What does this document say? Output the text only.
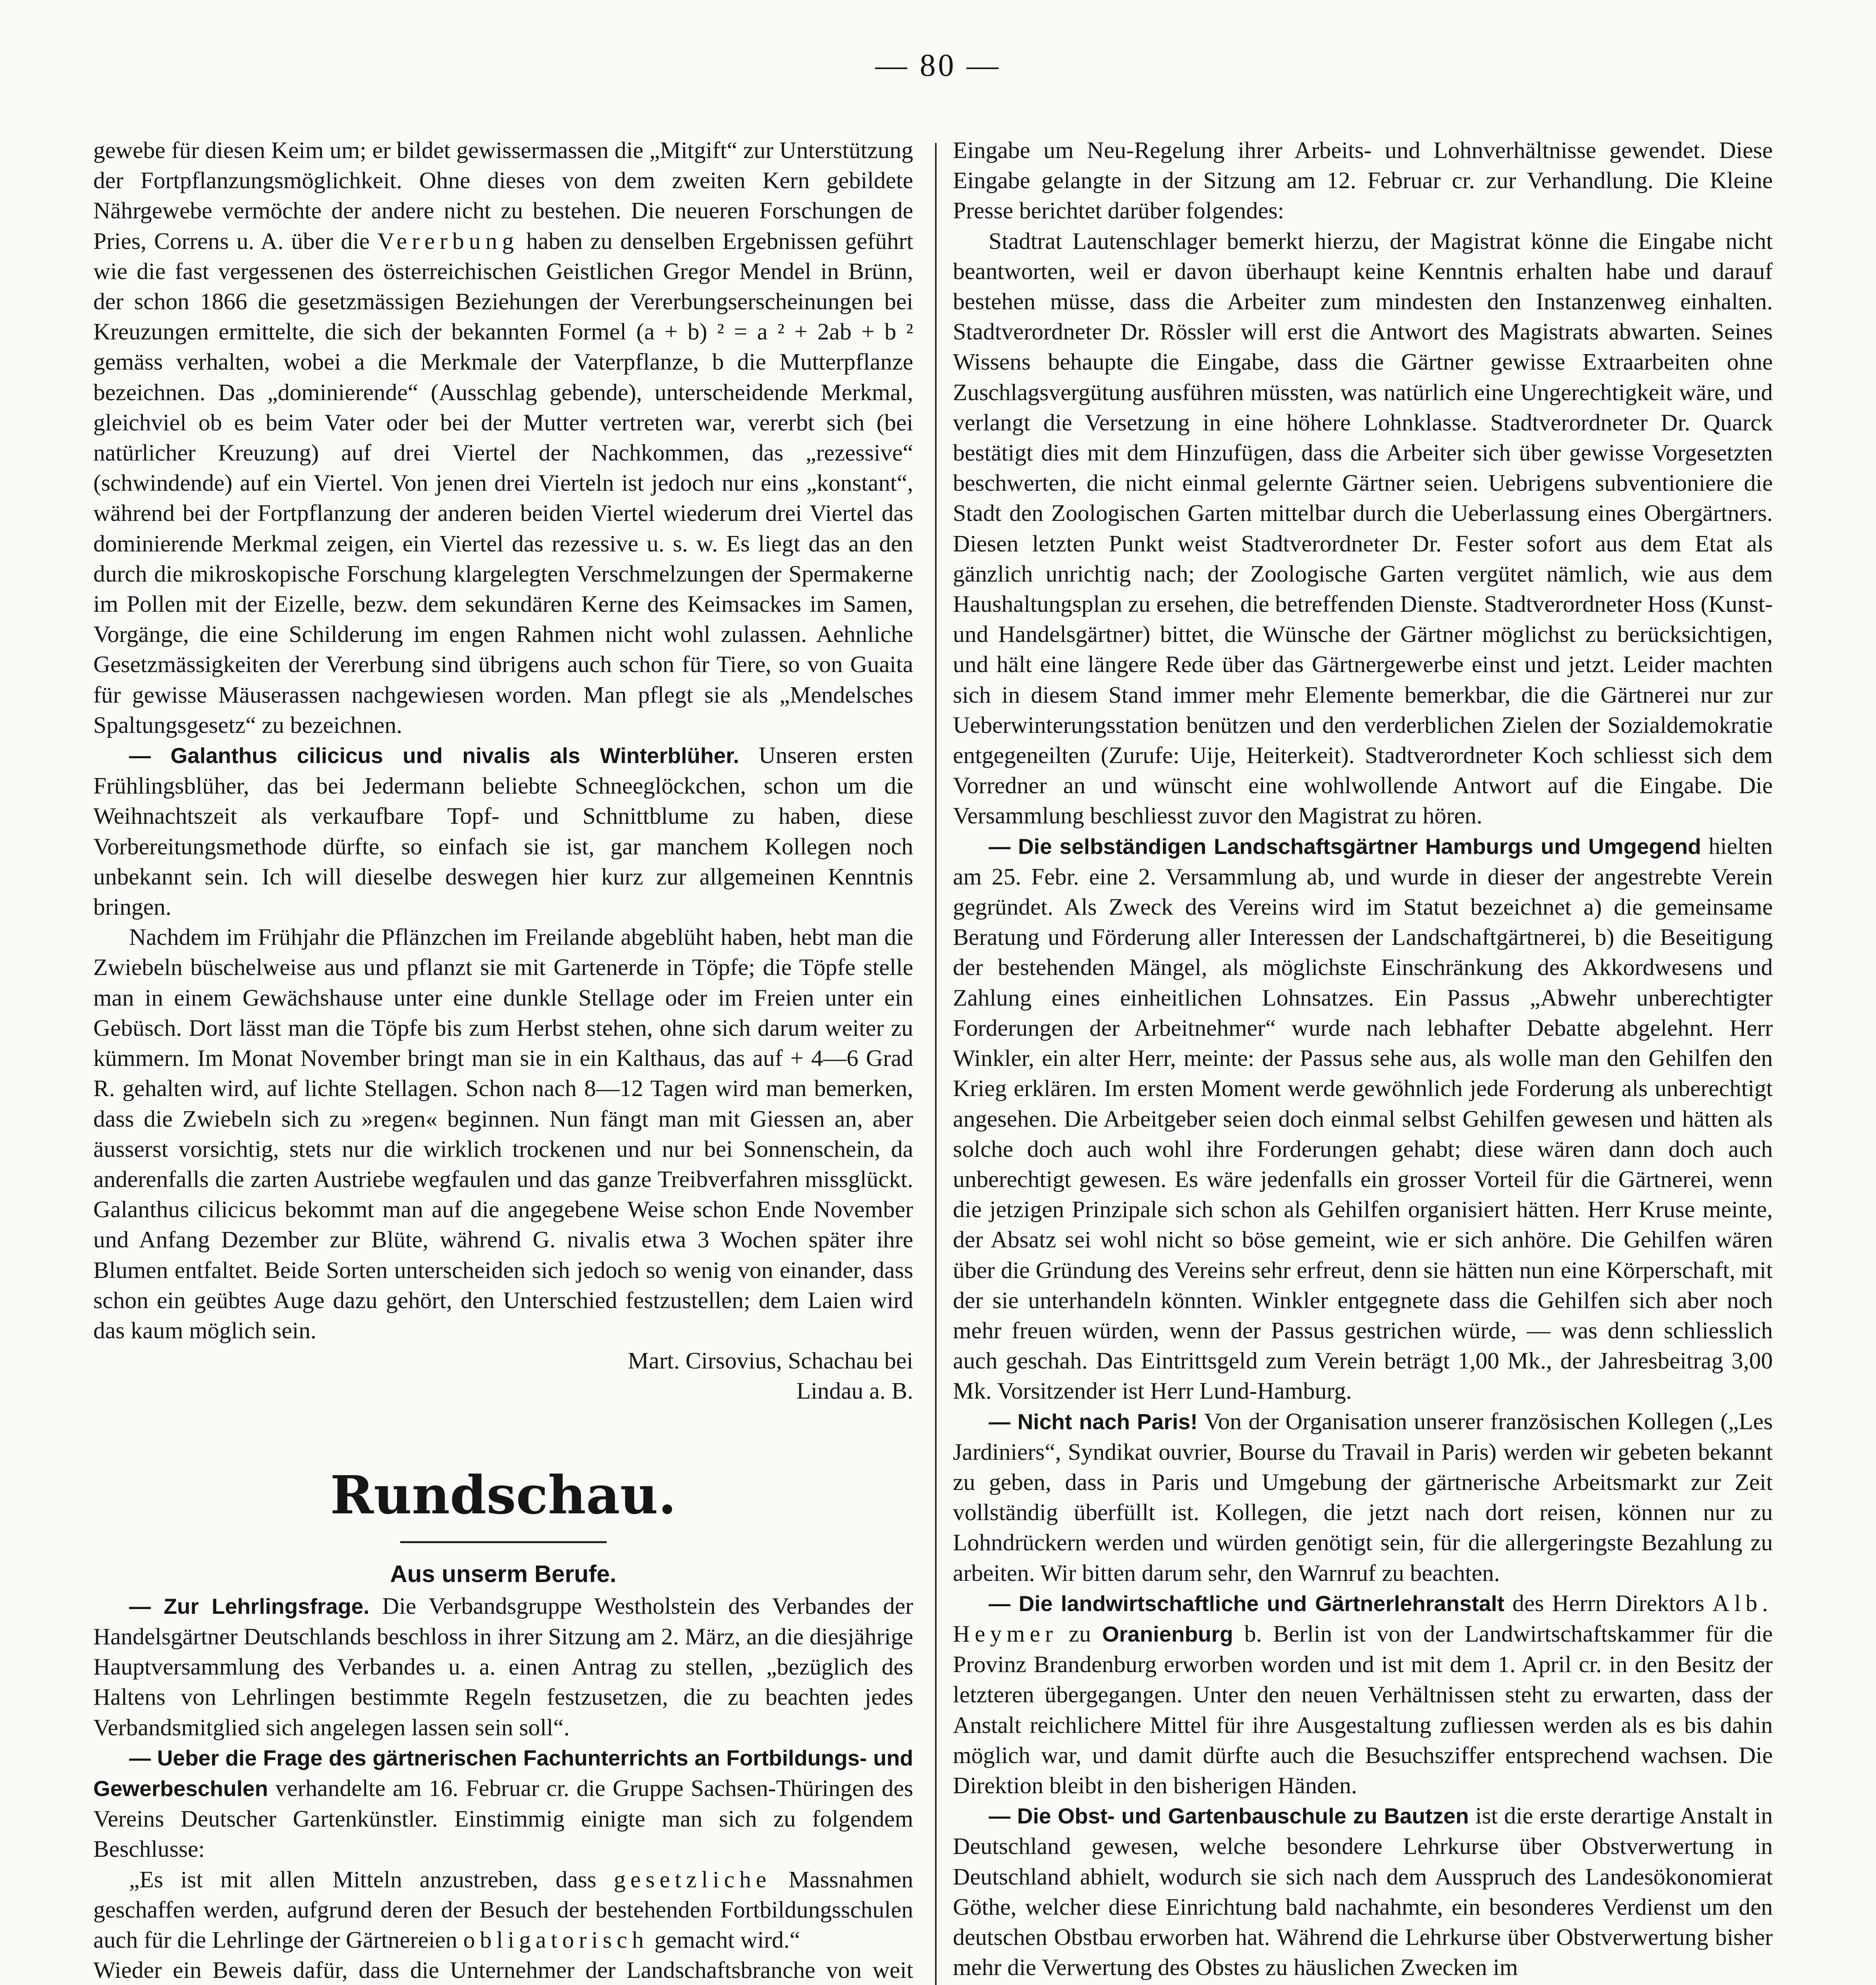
— 80 —

gewebe für diesen Keim um; er bildet gewissermassen die „Mitgift“ zur Unterstützung der Fortpflanzungsmöglichkeit. Ohne dieses von dem zweiten Kern gebildete Nährgewebe vermöchte der andere nicht zu bestehen. Die neueren Forschungen de Pries, Correns u. A. über die Vererbung haben zu denselben Ergebnissen geführt wie die fast vergessenen des österreichischen Geistlichen Gregor Mendel in Brünn, der schon 1866 die gesetzmässigen Beziehungen der Vererbungserscheinungen bei Kreuzungen ermittelte, die sich der bekannten Formel (a + b) ² = a ² + 2ab + b ² gemäss verhalten, wobei a die Merkmale der Vaterpflanze, b die Mutterpflanze bezeichnen. Das „dominierende“ (Ausschlag gebende), unterscheidende Merkmal, gleichviel ob es beim Vater oder bei der Mutter vertreten war, vererbt sich (bei natürlicher Kreuzung) auf drei Viertel der Nachkommen, das „rezessive“ (schwindende) auf ein Viertel. Von jenen drei Vierteln ist jedoch nur eins „konstant“, während bei der Fortpflanzung der anderen beiden Viertel wiederum drei Viertel das dominierende Merkmal zeigen, ein Viertel das rezessive u. s. w. Es liegt das an den durch die mikroskopische Forschung klargelegten Verschmelzungen der Spermakerne im Pollen mit der Eizelle, bezw. dem sekundären Kerne des Keimsackes im Samen, Vorgänge, die eine Schilderung im engen Rahmen nicht wohl zulassen. Aehnliche Gesetzmässigkeiten der Vererbung sind übrigens auch schon für Tiere, so von Guaita für gewisse Mäuserassen nachgewiesen worden. Man pflegt sie als „Mendelsches Spaltungsgesetz“ zu bezeichnen.

— Galanthus cilicicus und nivalis als Winterblüher. Unseren ersten Frühlingsblüher, das bei Jedermann beliebte Schneeglöckchen, schon um die Weihnachtszeit als verkaufbare Topf- und Schnittblume zu haben, diese Vorbereitungsmethode dürfte, so einfach sie ist, gar manchem Kollegen noch unbekannt sein. Ich will dieselbe deswegen hier kurz zur allgemeinen Kenntnis bringen.

Nachdem im Frühjahr die Pflänzchen im Freilande abgeblüht haben, hebt man die Zwiebeln büschelweise aus und pflanzt sie mit Gartenerde in Töpfe; die Töpfe stelle man in einem Gewächshause unter eine dunkle Stellage oder im Freien unter ein Gebüsch. Dort lässt man die Töpfe bis zum Herbst stehen, ohne sich darum weiter zu kümmern. Im Monat November bringt man sie in ein Kalthaus, das auf + 4—6 Grad R. gehalten wird, auf lichte Stellagen. Schon nach 8—12 Tagen wird man bemerken, dass die Zwiebeln sich zu »regen« beginnen. Nun fängt man mit Giessen an, aber äusserst vorsichtig, stets nur die wirklich trockenen und nur bei Sonnenschein, da anderenfalls die zarten Austriebe wegfaulen und das ganze Treibverfahren missglückt. Galanthus cilicicus bekommt man auf die angegebene Weise schon Ende November und Anfang Dezember zur Blüte, während G. nivalis etwa 3 Wochen später ihre Blumen entfaltet. Beide Sorten unterscheiden sich jedoch so wenig von einander, dass schon ein geübtes Auge dazu gehört, den Unterschied festzustellen; dem Laien wird das kaum möglich sein.

Mart. Cirsovius, Schachau bei

Lindau a. B.

Rundschau.
Aus unserm Berufe.

— Zur Lehrlingsfrage. Die Verbandsgruppe Westholstein des Verbandes der Handelsgärtner Deutschlands beschloss in ihrer Sitzung am 2. März, an die diesjährige Hauptversammlung des Verbandes u. a. einen Antrag zu stellen, „bezüglich des Haltens von Lehrlingen bestimmte Regeln festzusetzen, die zu beachten jedes Verbandsmitglied sich angelegen lassen sein soll“.

— Ueber die Frage des gärtnerischen Fachunterrichts an Fortbildungs- und Gewerbeschulen verhandelte am 16. Februar cr. die Gruppe Sachsen-Thüringen des Vereins Deutscher Gartenkünstler. Einstimmig einigte man sich zu folgendem Beschlusse:

„Es ist mit allen Mitteln anzustreben, dass gesetzliche Massnahmen geschaffen werden, aufgrund deren der Besuch der bestehenden Fortbildungsschulen auch für die Lehrlinge der Gärtnereien obligatorisch gemacht wird.“

Wieder ein Beweis dafür, dass die Unternehmer der Landschaftsbranche von weit

Eingabe um Neu-Regelung ihrer Arbeits- und Lohnverhältnisse gewendet. Diese Eingabe gelangte in der Sitzung am 12. Februar cr. zur Verhandlung. Die Kleine Presse berichtet darüber folgendes:

Stadtrat Lautenschlager bemerkt hierzu, der Magistrat könne die Eingabe nicht beantworten, weil er davon überhaupt keine Kenntnis erhalten habe und darauf bestehen müsse, dass die Arbeiter zum mindesten den Instanzenweg einhalten. Stadtverordneter Dr. Rössler will erst die Antwort des Magistrats abwarten. Seines Wissens behaupte die Eingabe, dass die Gärtner gewisse Extraarbeiten ohne Zuschlagsvergütung ausführen müssten, was natürlich eine Ungerechtigkeit wäre, und verlangt die Versetzung in eine höhere Lohnklasse. Stadtverordneter Dr. Quarck bestätigt dies mit dem Hinzufügen, dass die Arbeiter sich über gewisse Vorgesetzten beschwerten, die nicht einmal gelernte Gärtner seien. Uebrigens subventioniere die Stadt den Zoologischen Garten mittelbar durch die Ueberlassung eines Obergärtners. Diesen letzten Punkt weist Stadtverordneter Dr. Fester sofort aus dem Etat als gänzlich unrichtig nach; der Zoologische Garten vergütet nämlich, wie aus dem Haushaltungsplan zu ersehen, die betreffenden Dienste. Stadtverordneter Hoss (Kunst- und Handelsgärtner) bittet, die Wünsche der Gärtner möglichst zu berücksichtigen, und hält eine längere Rede über das Gärtnergewerbe einst und jetzt. Leider machten sich in diesem Stand immer mehr Elemente bemerkbar, die die Gärtnerei nur zur Ueberwinterungsstation benützen und den verderblichen Zielen der Sozialdemokratie entgegeneilten (Zurufe: Uije, Heiterkeit). Stadtverordneter Koch schliesst sich dem Vorredner an und wünscht eine wohlwollende Antwort auf die Eingabe. Die Versammlung beschliesst zuvor den Magistrat zu hören.

— Die selbständigen Landschaftsgärtner Hamburgs und Umgegend hielten am 25. Febr. eine 2. Versammlung ab, und wurde in dieser der angestrebte Verein gegründet. Als Zweck des Vereins wird im Statut bezeichnet a) die gemeinsame Beratung und Förderung aller Interessen der Landschaftgärtnerei, b) die Beseitigung der bestehenden Mängel, als möglichste Einschränkung des Akkordwesens und Zahlung eines einheitlichen Lohnsatzes. Ein Passus „Abwehr unberechtigter Forderungen der Arbeitnehmer“ wurde nach lebhafter Debatte abgelehnt. Herr Winkler, ein alter Herr, meinte: der Passus sehe aus, als wolle man den Gehilfen den Krieg erklären. Im ersten Moment werde gewöhnlich jede Forderung als unberechtigt angesehen. Die Arbeitgeber seien doch einmal selbst Gehilfen gewesen und hätten als solche doch auch wohl ihre Forderungen gehabt; diese wären dann doch auch unberechtigt gewesen. Es wäre jedenfalls ein grosser Vorteil für die Gärtnerei, wenn die jetzigen Prinzipale sich schon als Gehilfen organisiert hätten. Herr Kruse meinte, der Absatz sei wohl nicht so böse gemeint, wie er sich anhöre. Die Gehilfen wären über die Gründung des Vereins sehr erfreut, denn sie hätten nun eine Körperschaft, mit der sie unterhandeln könnten. Winkler entgegnete dass die Gehilfen sich aber noch mehr freuen würden, wenn der Passus gestrichen würde, — was denn schliesslich auch geschah. Das Eintrittsgeld zum Verein beträgt 1,00 Mk., der Jahresbeitrag 3,00 Mk. Vorsitzender ist Herr Lund-Hamburg.

— Nicht nach Paris! Von der Organisation unserer französischen Kollegen („Les Jardiniers“, Syndikat ouvrier, Bourse du Travail in Paris) werden wir gebeten bekannt zu geben, dass in Paris und Umgebung der gärtnerische Arbeitsmarkt zur Zeit vollständig überfüllt ist. Kollegen, die jetzt nach dort reisen, können nur zu Lohndrückern werden und würden genötigt sein, für die allergeringste Bezahlung zu arbeiten. Wir bitten darum sehr, den Warnruf zu beachten.

— Die landwirtschaftliche und Gärtnerlehranstalt des Herrn Direktors Alb. Heymer zu Oranienburg b. Berlin ist von der Landwirtschaftskammer für die Provinz Brandenburg erworben worden und ist mit dem 1. April cr. in den Besitz der letzteren übergegangen. Unter den neuen Verhältnissen steht zu erwarten, dass der Anstalt reichlichere Mittel für ihre Ausgestaltung zufliessen werden als es bis dahin möglich war, und damit dürfte auch die Besuchsziffer entsprechend wachsen. Die Direktion bleibt in den bisherigen Händen.

— Die Obst- und Gartenbauschule zu Bautzen ist die erste derartige Anstalt in Deutschland gewesen, welche besondere Lehrkurse über Obstverwertung in Deutschland abhielt, wodurch sie sich nach dem Ausspruch des Landesökonomierat Göthe, welcher diese Einrichtung bald nachahmte, ein besonderes Verdienst um den deutschen Obstbau erworben hat. Während die Lehrkurse über Obstverwertung bisher mehr die Verwertung des Obstes zu häuslichen Zwecken im
